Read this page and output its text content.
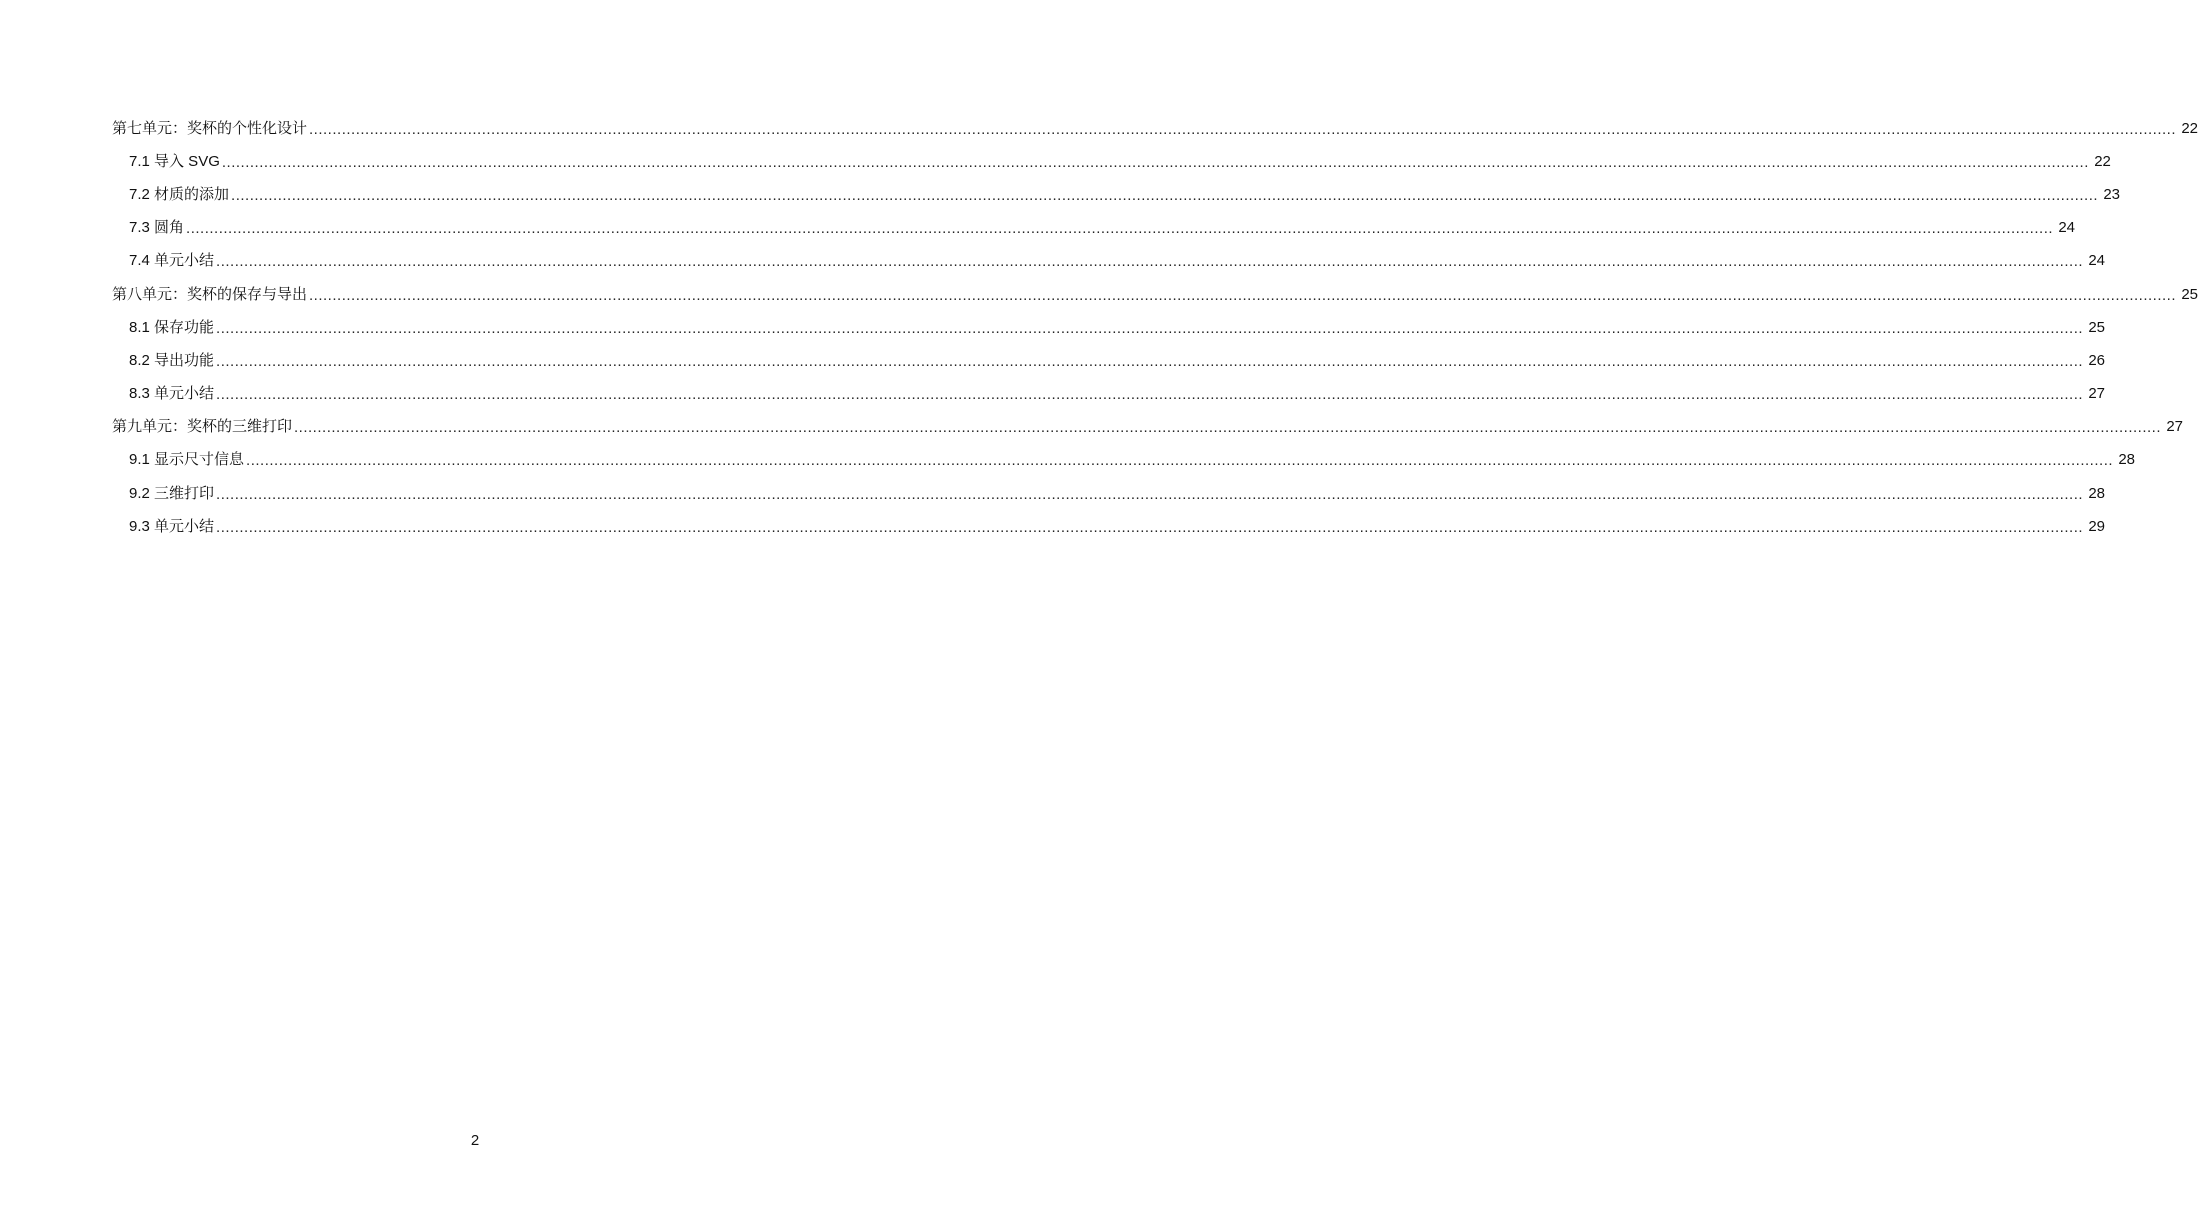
第七单元：奖杯的个性化设计 ................................................................................................................................................................................................................................................................................................................................................................................................................ 22
7.1 导入 SVG ................................................................................................................................................................................................................................................................................................................................................................................................................ 22
7.2 材质的添加 ................................................................................................................................................................................................................................................................................................................................................................................................................ 23
7.3 圆角 ................................................................................................................................................................................................................................................................................................................................................................................................................ 24
7.4 单元小结 ................................................................................................................................................................................................................................................................................................................................................................................................................ 24
第八单元：奖杯的保存与导出 ................................................................................................................................................................................................................................................................................................................................................................................................................ 25
8.1 保存功能 ................................................................................................................................................................................................................................................................................................................................................................................................................ 25
8.2 导出功能 ................................................................................................................................................................................................................................................................................................................................................................................................................ 26
8.3 单元小结 ................................................................................................................................................................................................................................................................................................................................................................................................................ 27
第九单元：奖杯的三维打印 ................................................................................................................................................................................................................................................................................................................................................................................................................ 27
9.1 显示尺寸信息 ................................................................................................................................................................................................................................................................................................................................................................................................................ 28
9.2 三维打印 ................................................................................................................................................................................................................................................................................................................................................................................................................ 28
9.3 单元小结 ................................................................................................................................................................................................................................................................................................................................................................................................................ 29
2
